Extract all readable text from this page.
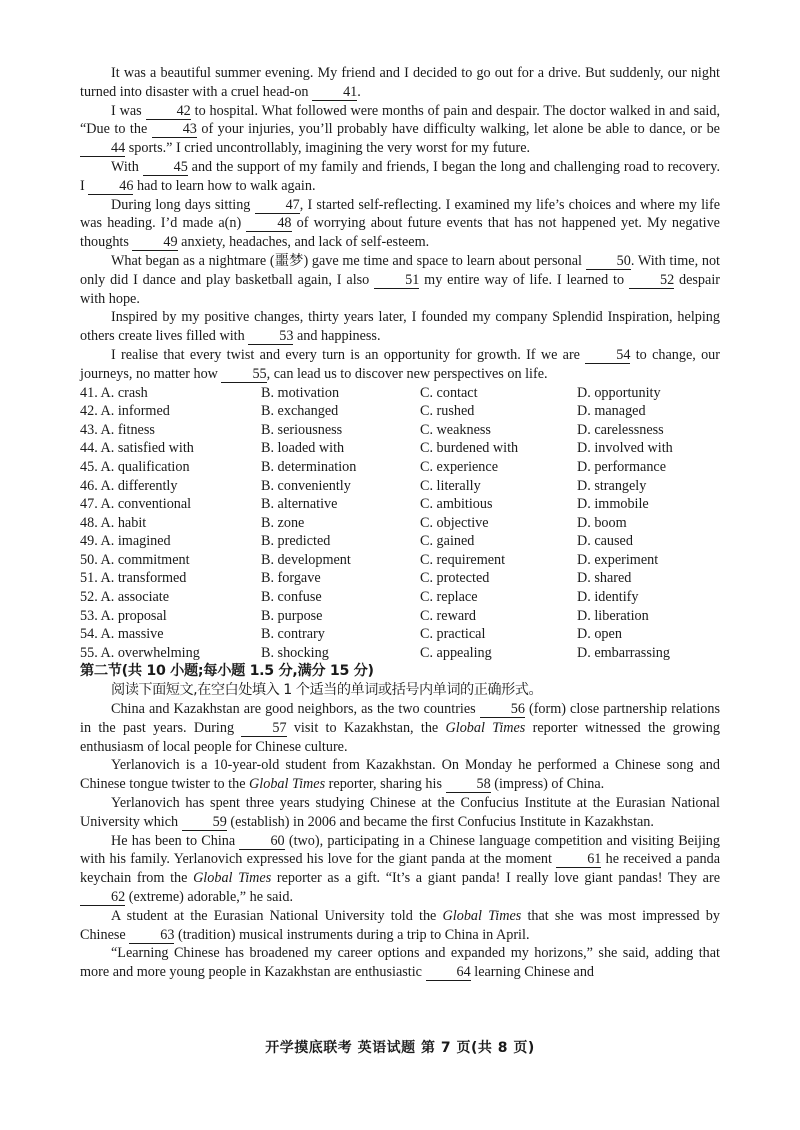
It was a beautiful summer evening. My friend and I decided to go out for a drive. But suddenly, our night turned into disaster with a cruel head-on 41.

I was 42 to hospital. What followed were months of pain and despair. The doctor walked in and said, “Due to the 43 of your injuries, you’ll probably have difficulty walking, let alone be able to dance, or be 44 sports.” I cried uncontrollably, imagining the very worst for my future.

With 45 and the support of my family and friends, I began the long and challenging road to recovery. I 46 had to learn how to walk again.

During long days sitting 47, I started self-reflecting. I examined my life’s choices and where my life was heading. I’d made a(n) 48 of worrying about future events that has not happened yet. My negative thoughts 49 anxiety, headaches, and lack of self-esteem.

What began as a nightmare (噩梦) gave me time and space to learn about personal 50. With time, not only did I dance and play basketball again, I also 51 my entire way of life. I learned to 52 despair with hope.

Inspired by my positive changes, thirty years later, I founded my company Splendid Inspiration, helping others create lives filled with 53 and happiness.

I realise that every twist and every turn is an opportunity for growth. If we are 54 to change, our journeys, no matter how 55, can lead us to discover new perspectives on life.

41. A. crash	B. motivation	C. contact	D. opportunity
42. A. informed	B. exchanged	C. rushed	D. managed
43. A. fitness	B. seriousness	C. weakness	D. carelessness
44. A. satisfied with	B. loaded with	C. burdened with	D. involved with
45. A. qualification	B. determination	C. experience	D. performance
46. A. differently	B. conveniently	C. literally	D. strangely
47. A. conventional	B. alternative	C. ambitious	D. immobile
48. A. habit	B. zone	C. objective	D. boom
49. A. imagined	B. predicted	C. gained	D. caused
50. A. commitment	B. development	C. requirement	D. experiment
51. A. transformed	B. forgave	C. protected	D. shared
52. A. associate	B. confuse	C. replace	D. identify
53. A. proposal	B. purpose	C. reward	D. liberation
54. A. massive	B. contrary	C. practical	D. open
55. A. overwhelming	B. shocking	C. appealing	D. embarrassing

第二节(共 10 小题;每小题 1.5 分,满分 15 分)

阅读下面短文,在空白处填入 1 个适当的单词或括号内单词的正确形式。

China and Kazakhstan are good neighbors, as the two countries 56 (form) close partnership relations in the past years. During 57 visit to Kazakhstan, the Global Times reporter witnessed the growing enthusiasm of local people for Chinese culture.

Yerlanovich is a 10-year-old student from Kazakhstan. On Monday he performed a Chinese song and Chinese tongue twister to the Global Times reporter, sharing his 58 (impress) of China.

Yerlanovich has spent three years studying Chinese at the Confucius Institute at the Eurasian National University which 59 (establish) in 2006 and became the first Confucius Institute in Kazakhstan.

He has been to China 60 (two), participating in a Chinese language competition and visiting Beijing with his family. Yerlanovich expressed his love for the giant panda at the moment 61 he received a panda keychain from the Global Times reporter as a gift. “It’s a giant panda! I really love giant pandas! They are 62 (extreme) adorable,” he said.

A student at the Eurasian National University told the Global Times that she was most impressed by Chinese 63 (tradition) musical instruments during a trip to China in April.

“Learning Chinese has broadened my career options and expanded my horizons,” she said, adding that more and more young people in Kazakhstan are enthusiastic 64 learning Chinese and

开学摸底联考 英语试题 第 7 页(共 8 页)
